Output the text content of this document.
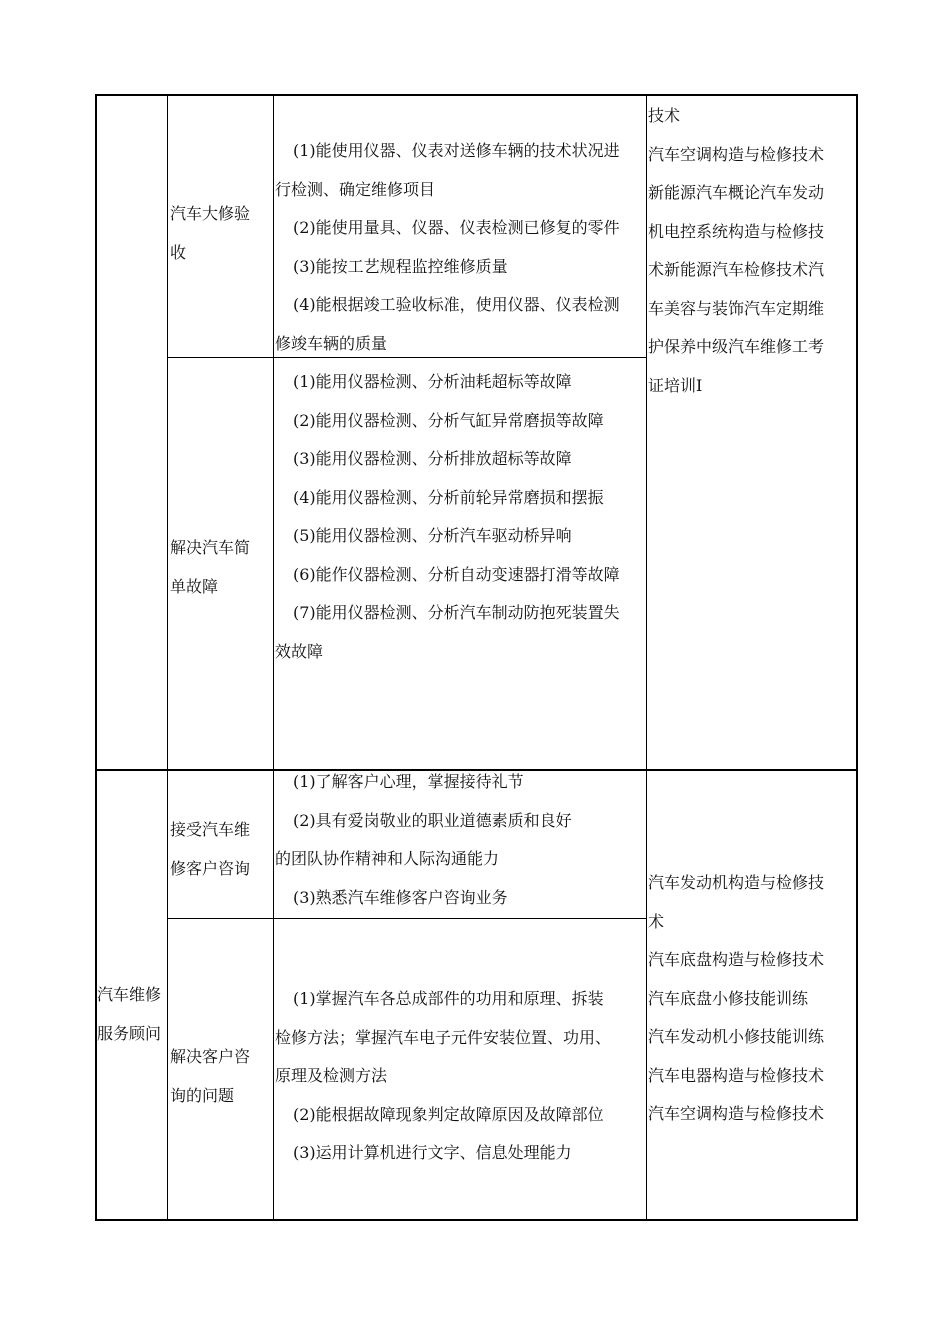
汽车大修验
收
(1)能使用仪器、仪表对送修车辆的技术状况进
行检测、确定维修项目
(2)能使用量具、仪器、仪表检测已修复的零件
(3)能按工艺规程监控维修质量
(4)能根据竣工验收标准，使用仪器、仪表检测
修竣车辆的质量
解决汽车简
单故障
(1)能用仪器检测、分析油耗超标等故障
(2)能用仪器检测、分析气缸异常磨损等故障
(3)能用仪器检测、分析排放超标等故障
(4)能用仪器检测、分析前轮异常磨损和摆振
(5)能用仪器检测、分析汽车驱动桥异响
(6)能作仪器检测、分析自动变速器打滑等故障
(7)能用仪器检测、分析汽车制动防抱死装置失
效故障
技术
汽车空调构造与检修技术
新能源汽车概论汽车发动
机电控系统构造与检修技
术新能源汽车检修技术汽
车美容与装饰汽车定期维
护保养中级汽车维修工考
证培训Ⅰ
汽车维修
服务顾问
接受汽车维
修客户咨询
(1)了解客户心理，掌握接待礼节
(2)具有爱岗敬业的职业道德素质和良好
的团队协作精神和人际沟通能力
(3)熟悉汽车维修客户咨询业务
解决客户咨
询的问题
(1)掌握汽车各总成部件的功用和原理、拆装
检修方法；掌握汽车电子元件安装位置、功用、
原理及检测方法
(2)能根据故障现象判定故障原因及故障部位
(3)运用计算机进行文字、信息处理能力
汽车发动机构造与检修技
术
汽车底盘构造与检修技术
汽车底盘小修技能训练
汽车发动机小修技能训练
汽车电器构造与检修技术
汽车空调构造与检修技术
